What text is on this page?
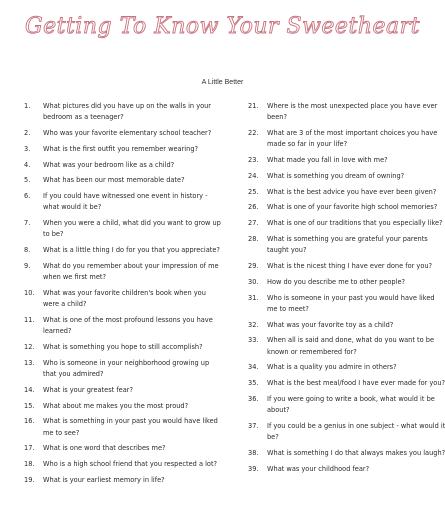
Getting To Know Your Sweetheart
A Little Better
1.	What pictures did you have up on the walls in your bedroom as a teenager?
2.	Who was your favorite elementary school teacher?
3.	What is the first outfit you remember wearing?
4.	What was your bedroom like as a child?
5.	What has been our most memorable date?
6.	If you could have witnessed one event in history - what would it be?
7.	When you were a child, what did you want to grow up to be?
8.	What is a little thing I do for you that you appreciate?
9.	What do you remember about your impression of me when we first met?
10.	What was your favorite children's book when you were a child?
11.	What is one of the most profound lessons you have learned?
12.	What is something you hope to still accomplish?
13.	Who is someone in your neighborhood growing up that you admired?
14.	What is your greatest fear?
15.	What about me makes you the most proud?
16.	What is something in your past you would have liked me to see?
17.	What is one word that describes me?
18.	Who is a high school friend that you respected a lot?
19.	What is your earliest memory in life?
21.	Where is the most unexpected place you have ever been?
22.	What are 3 of the most important choices you have made so far in your life?
23.	What made you fall in love with me?
24.	What is something you dream of owning?
25.	What is the best advice you have ever been given?
26.	What is one of your favorite high school memories?
27.	What is one of our traditions that you especially like?
28.	What is something you are grateful your parents taught you?
29.	What is the nicest thing I have ever done for you?
30.	How do you describe me to other people?
31.	Who is someone in your past you would have liked me to meet?
32.	What was your favorite toy as a child?
33.	When all is said and done, what do you want to be known or remembered for?
34.	What is a quality you admire in others?
35.	What is the best meal/food I have ever made for you?
36.	If you were going to write a book, what would it be about?
37.	If you could be a genius in one subject - what would it be?
38.	What is something I do that always makes you laugh?
39.	What was your childhood fear?
